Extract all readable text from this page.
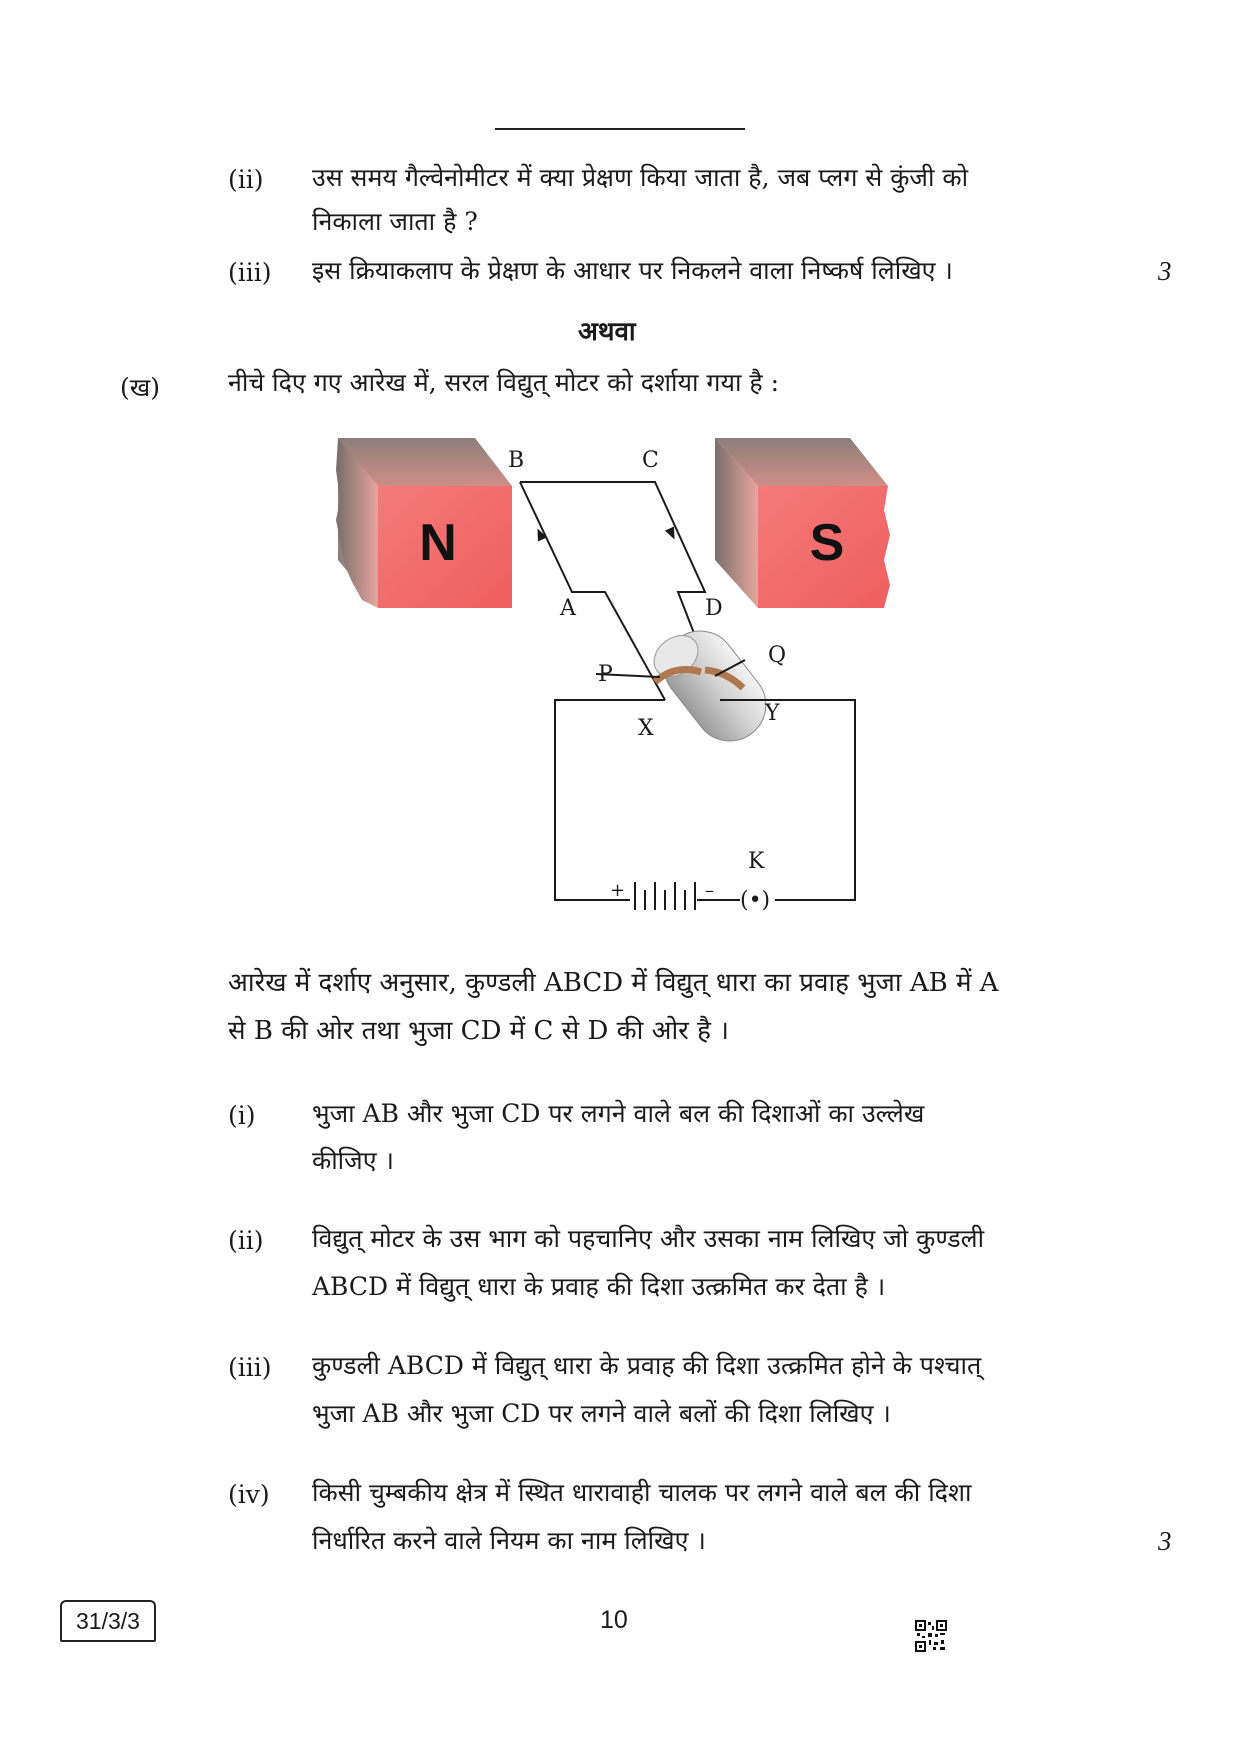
(ii) उस समय गैल्वेनोमीटर में क्या प्रेक्षण किया जाता है, जब प्लग से कुंजी को
निकाला जाता है ?
(iii) इस क्रियाकलाप के प्रेक्षण के आधार पर निकलने वाला निष्कर्ष लिखिए ।	3
अथवा
(ख)	नीचे दिए गए आरेख में, सरल विद्युत् मोटर को दर्शाया गया है :
N	S
B	C
A	D
P
Q
X
Y
K
+	– (•)
आरेख में दर्शाए अनुसार, कुण्डली ABCD में विद्युत् धारा का प्रवाह भुजा AB में A
से B की ओर तथा भुजा CD में C से D की ओर है ।
(i) भुजा AB और भुजा CD पर लगने वाले बल की दिशाओं का उल्लेख
कीजिए ।
(ii) विद्युत् मोटर के उस भाग को पहचानिए और उसका नाम लिखिए जो कुण्डली
ABCD में विद्युत् धारा के प्रवाह की दिशा उत्क्रमित कर देता है ।
(iii) कुण्डली ABCD में विद्युत् धारा के प्रवाह की दिशा उत्क्रमित होने के पश्चात्
भुजा AB और भुजा CD पर लगने वाले बलों की दिशा लिखिए ।
(iv) किसी चुम्बकीय क्षेत्र में स्थित धारावाही चालक पर लगने वाले बल की दिशा
निर्धारित करने वाले नियम का नाम लिखिए ।	3
31/3/3	10
